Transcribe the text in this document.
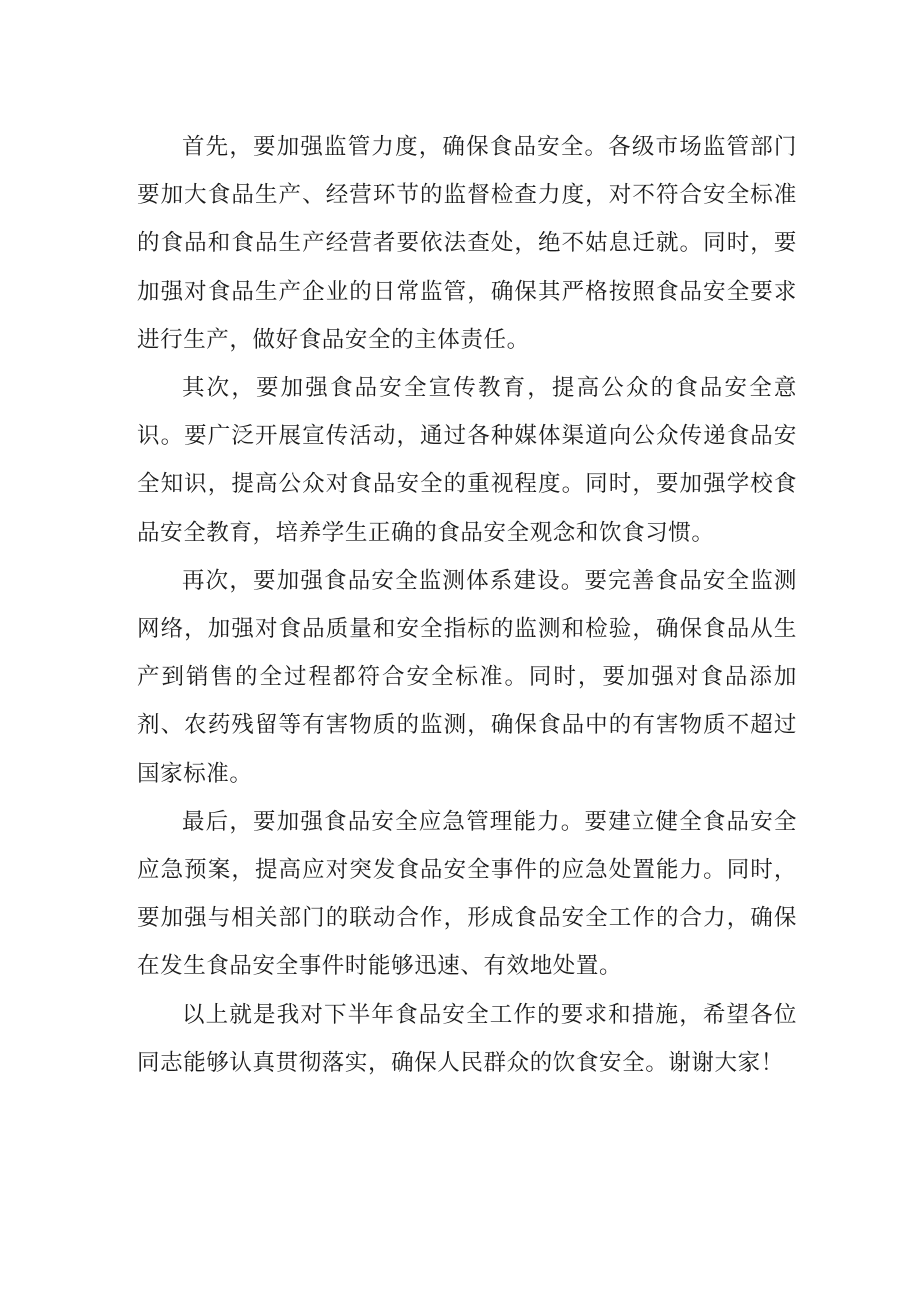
首先，要加强监管力度，确保食品安全。各级市场监管部门要加大食品生产、经营环节的监督检查力度，对不符合安全标准的食品和食品生产经营者要依法查处，绝不姑息迁就。同时，要加强对食品生产企业的日常监管，确保其严格按照食品安全要求进行生产，做好食品安全的主体责任。

其次，要加强食品安全宣传教育，提高公众的食品安全意识。要广泛开展宣传活动，通过各种媒体渠道向公众传递食品安全知识，提高公众对食品安全的重视程度。同时，要加强学校食品安全教育，培养学生正确的食品安全观念和饮食习惯。

再次，要加强食品安全监测体系建设。要完善食品安全监测网络，加强对食品质量和安全指标的监测和检验，确保食品从生产到销售的全过程都符合安全标准。同时，要加强对食品添加剂、农药残留等有害物质的监测，确保食品中的有害物质不超过国家标准。

最后，要加强食品安全应急管理能力。要建立健全食品安全应急预案，提高应对突发食品安全事件的应急处置能力。同时，要加强与相关部门的联动合作，形成食品安全工作的合力，确保在发生食品安全事件时能够迅速、有效地处置。

以上就是我对下半年食品安全工作的要求和措施，希望各位同志能够认真贯彻落实，确保人民群众的饮食安全。谢谢大家！
